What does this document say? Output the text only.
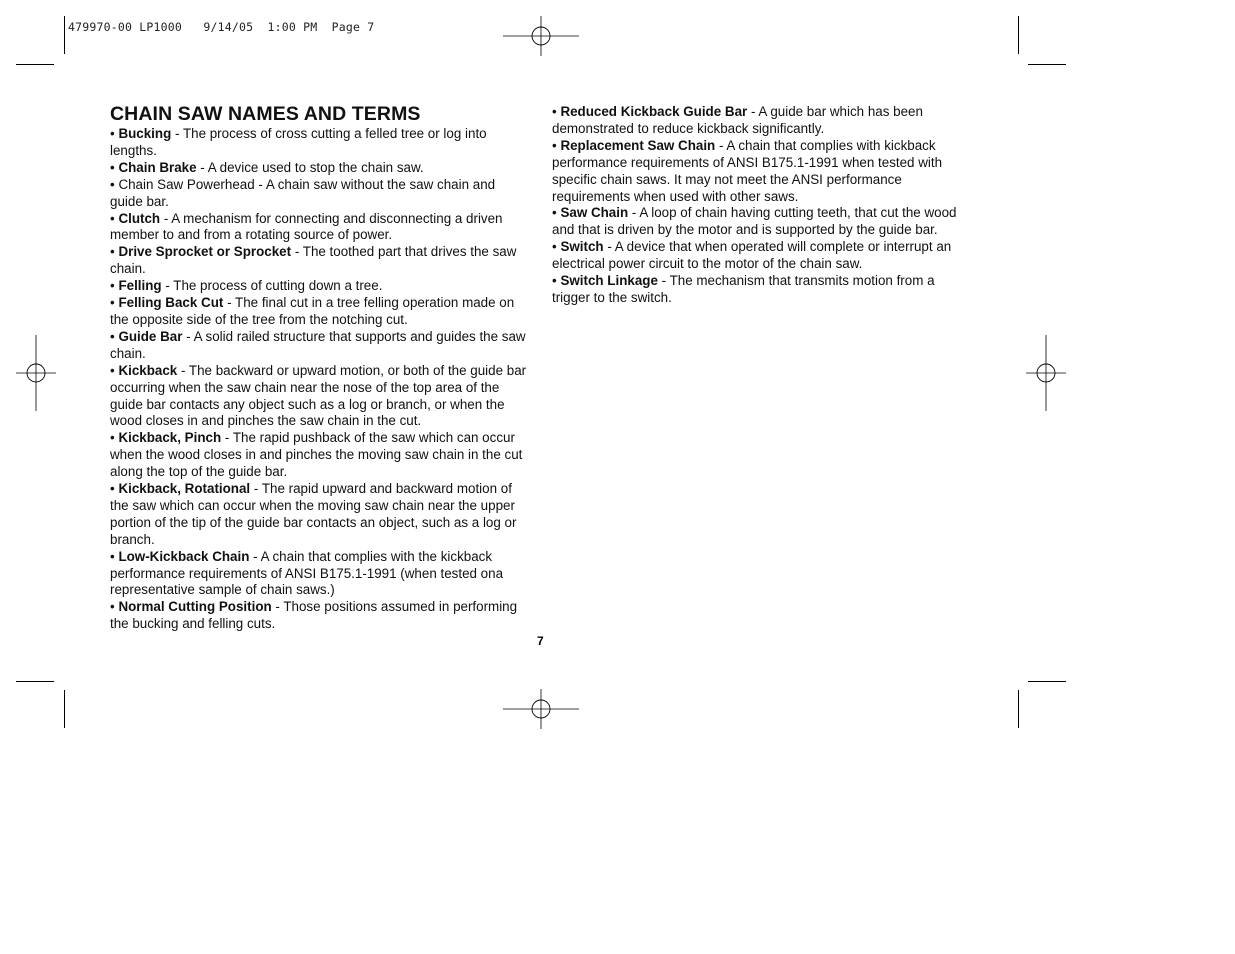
479970-00 LP1000   9/14/05  1:00 PM  Page 7
CHAIN SAW NAMES AND TERMS

• Bucking - The process of cross cutting a felled tree or log into lengths.

• Chain Brake - A device used to stop the chain saw.

• Chain Saw Powerhead - A chain saw without the saw chain and guide bar.

• Clutch - A mechanism for connecting and disconnecting a driven member to and from a rotating source of power.

• Drive Sprocket or Sprocket - The toothed part that drives the saw chain.

• Felling - The process of cutting down a tree.

• Felling Back Cut - The final cut in a tree felling operation made on the opposite side of the tree from the notching cut.

• Guide Bar - A solid railed structure that supports and guides the saw chain.

• Kickback - The backward or upward motion, or both of the guide bar occurring when the saw chain near the nose of the top area of the guide bar contacts any object such as a log or branch, or when the wood closes in and pinches the saw chain in the cut.

• Kickback, Pinch - The rapid pushback of the saw which can occur when the wood closes in and pinches the moving saw chain in the cut along the top of the guide bar.

• Kickback, Rotational - The rapid upward and backward motion of the saw which can occur when the moving saw chain near the upper portion of the tip of the guide bar contacts an object, such as a log or branch.

• Low-Kickback Chain - A chain that complies with the kickback performance requirements of ANSI B175.1-1991 (when tested ona representative sample of chain saws.)

• Normal Cutting Position - Those positions assumed in performing the bucking and felling cuts.

• Reduced Kickback Guide Bar - A guide bar which has been demonstrated to reduce kickback significantly.

• Replacement Saw Chain - A chain that complies with kickback performance requirements of ANSI B175.1-1991 when tested with specific chain saws. It may not meet the ANSI performance requirements when used with other saws.

• Saw Chain - A loop of chain having cutting teeth, that cut the wood and that is driven by the motor and is supported by the guide bar.

• Switch - A device that when operated will complete or interrupt an electrical power circuit to the motor of the chain saw.

• Switch Linkage - The mechanism that transmits motion from a trigger to the switch.

7
